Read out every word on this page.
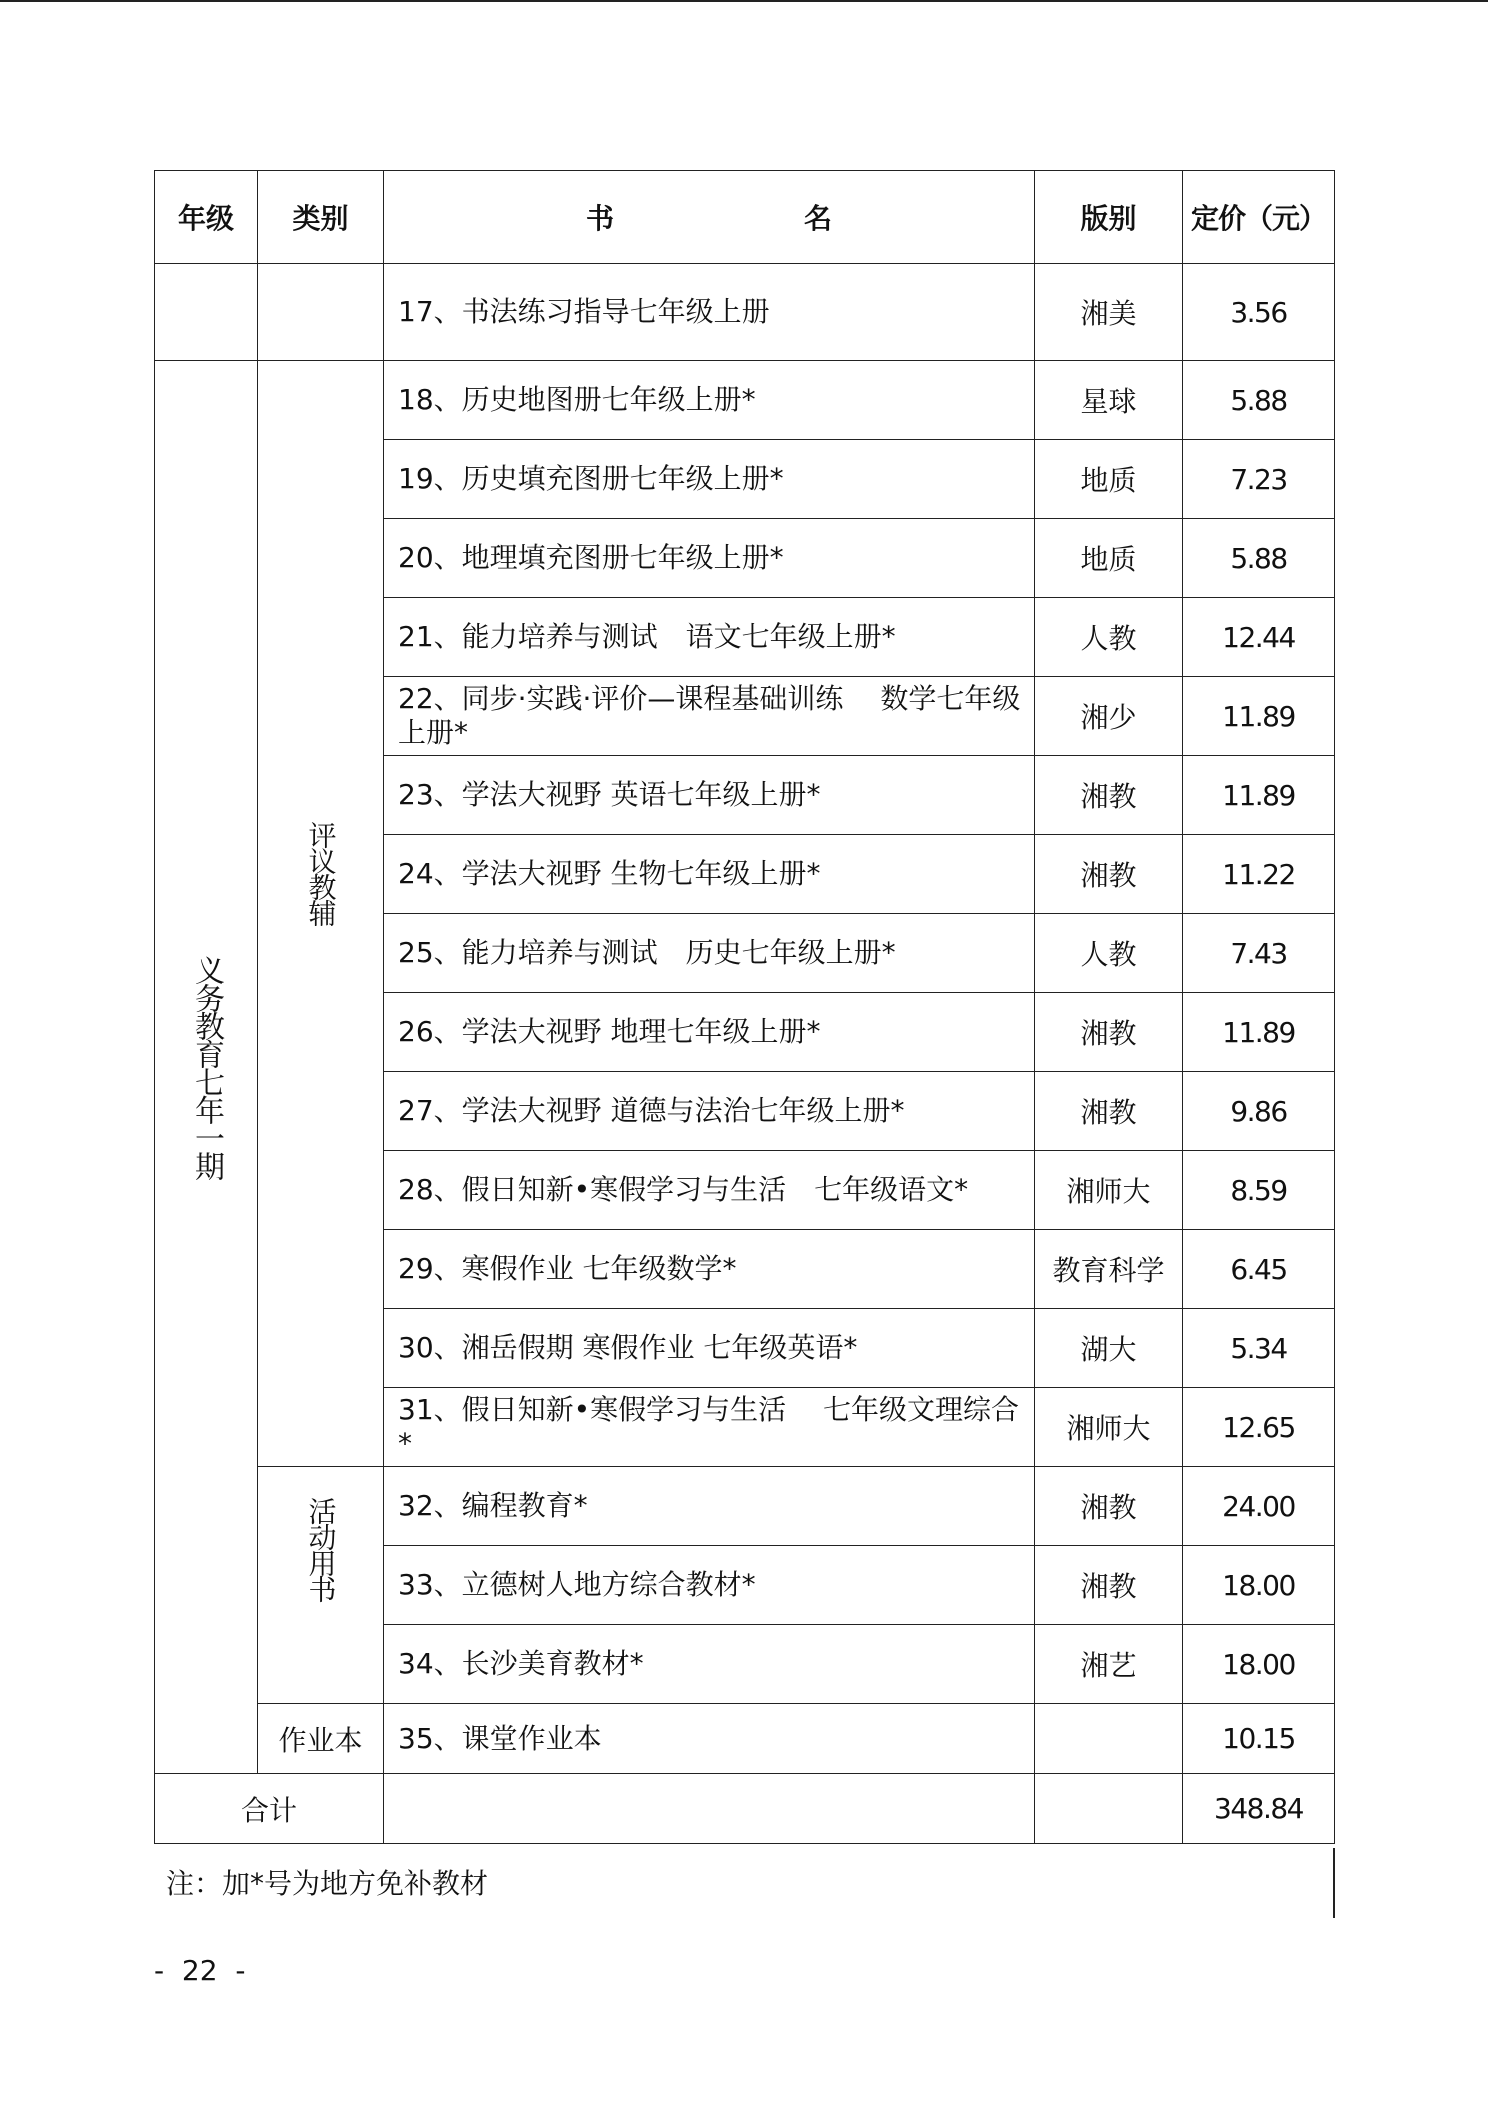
年级	类别	书 名	版别	定价（元）
		17、书法练习指导七年级上册	湘美	3.56

义务教育七年一期	评议教辅	18、历史地图册七年级上册*	星球	5.88
		19、历史填充图册七年级上册*	地质	7.23
		20、地理填充图册七年级上册*	地质	5.88
		21、能力培养与测试　语文七年级上册*	人教	12.44
		22、同步·实践·评价—课程基础训练　 数学七年级上册*	湘少	11.89
		23、学法大视野 英语七年级上册*	湘教	11.89
		24、学法大视野 生物七年级上册*	湘教	11.22
		25、能力培养与测试　历史七年级上册*	人教	7.43
		26、学法大视野 地理七年级上册*	湘教	11.89
		27、学法大视野 道德与法治七年级上册*	湘教	9.86
		28、假日知新•寒假学习与生活　七年级语文*	湘师大	8.59
		29、寒假作业 七年级数学*	教育科学	6.45
		30、湘岳假期 寒假作业 七年级英语*	湖大	5.34
		31、假日知新•寒假学习与生活　 七年级文理综合*	湘师大	12.65

	活动用书	32、编程教育*	湘教	24.00
		33、立德树人地方综合教材*	湘教	18.00
		34、长沙美育教材*	湘艺	18.00
	作业本	35、课堂作业本		10.15
合计				348.84
注：加*号为地方免补教材
-  22  -
